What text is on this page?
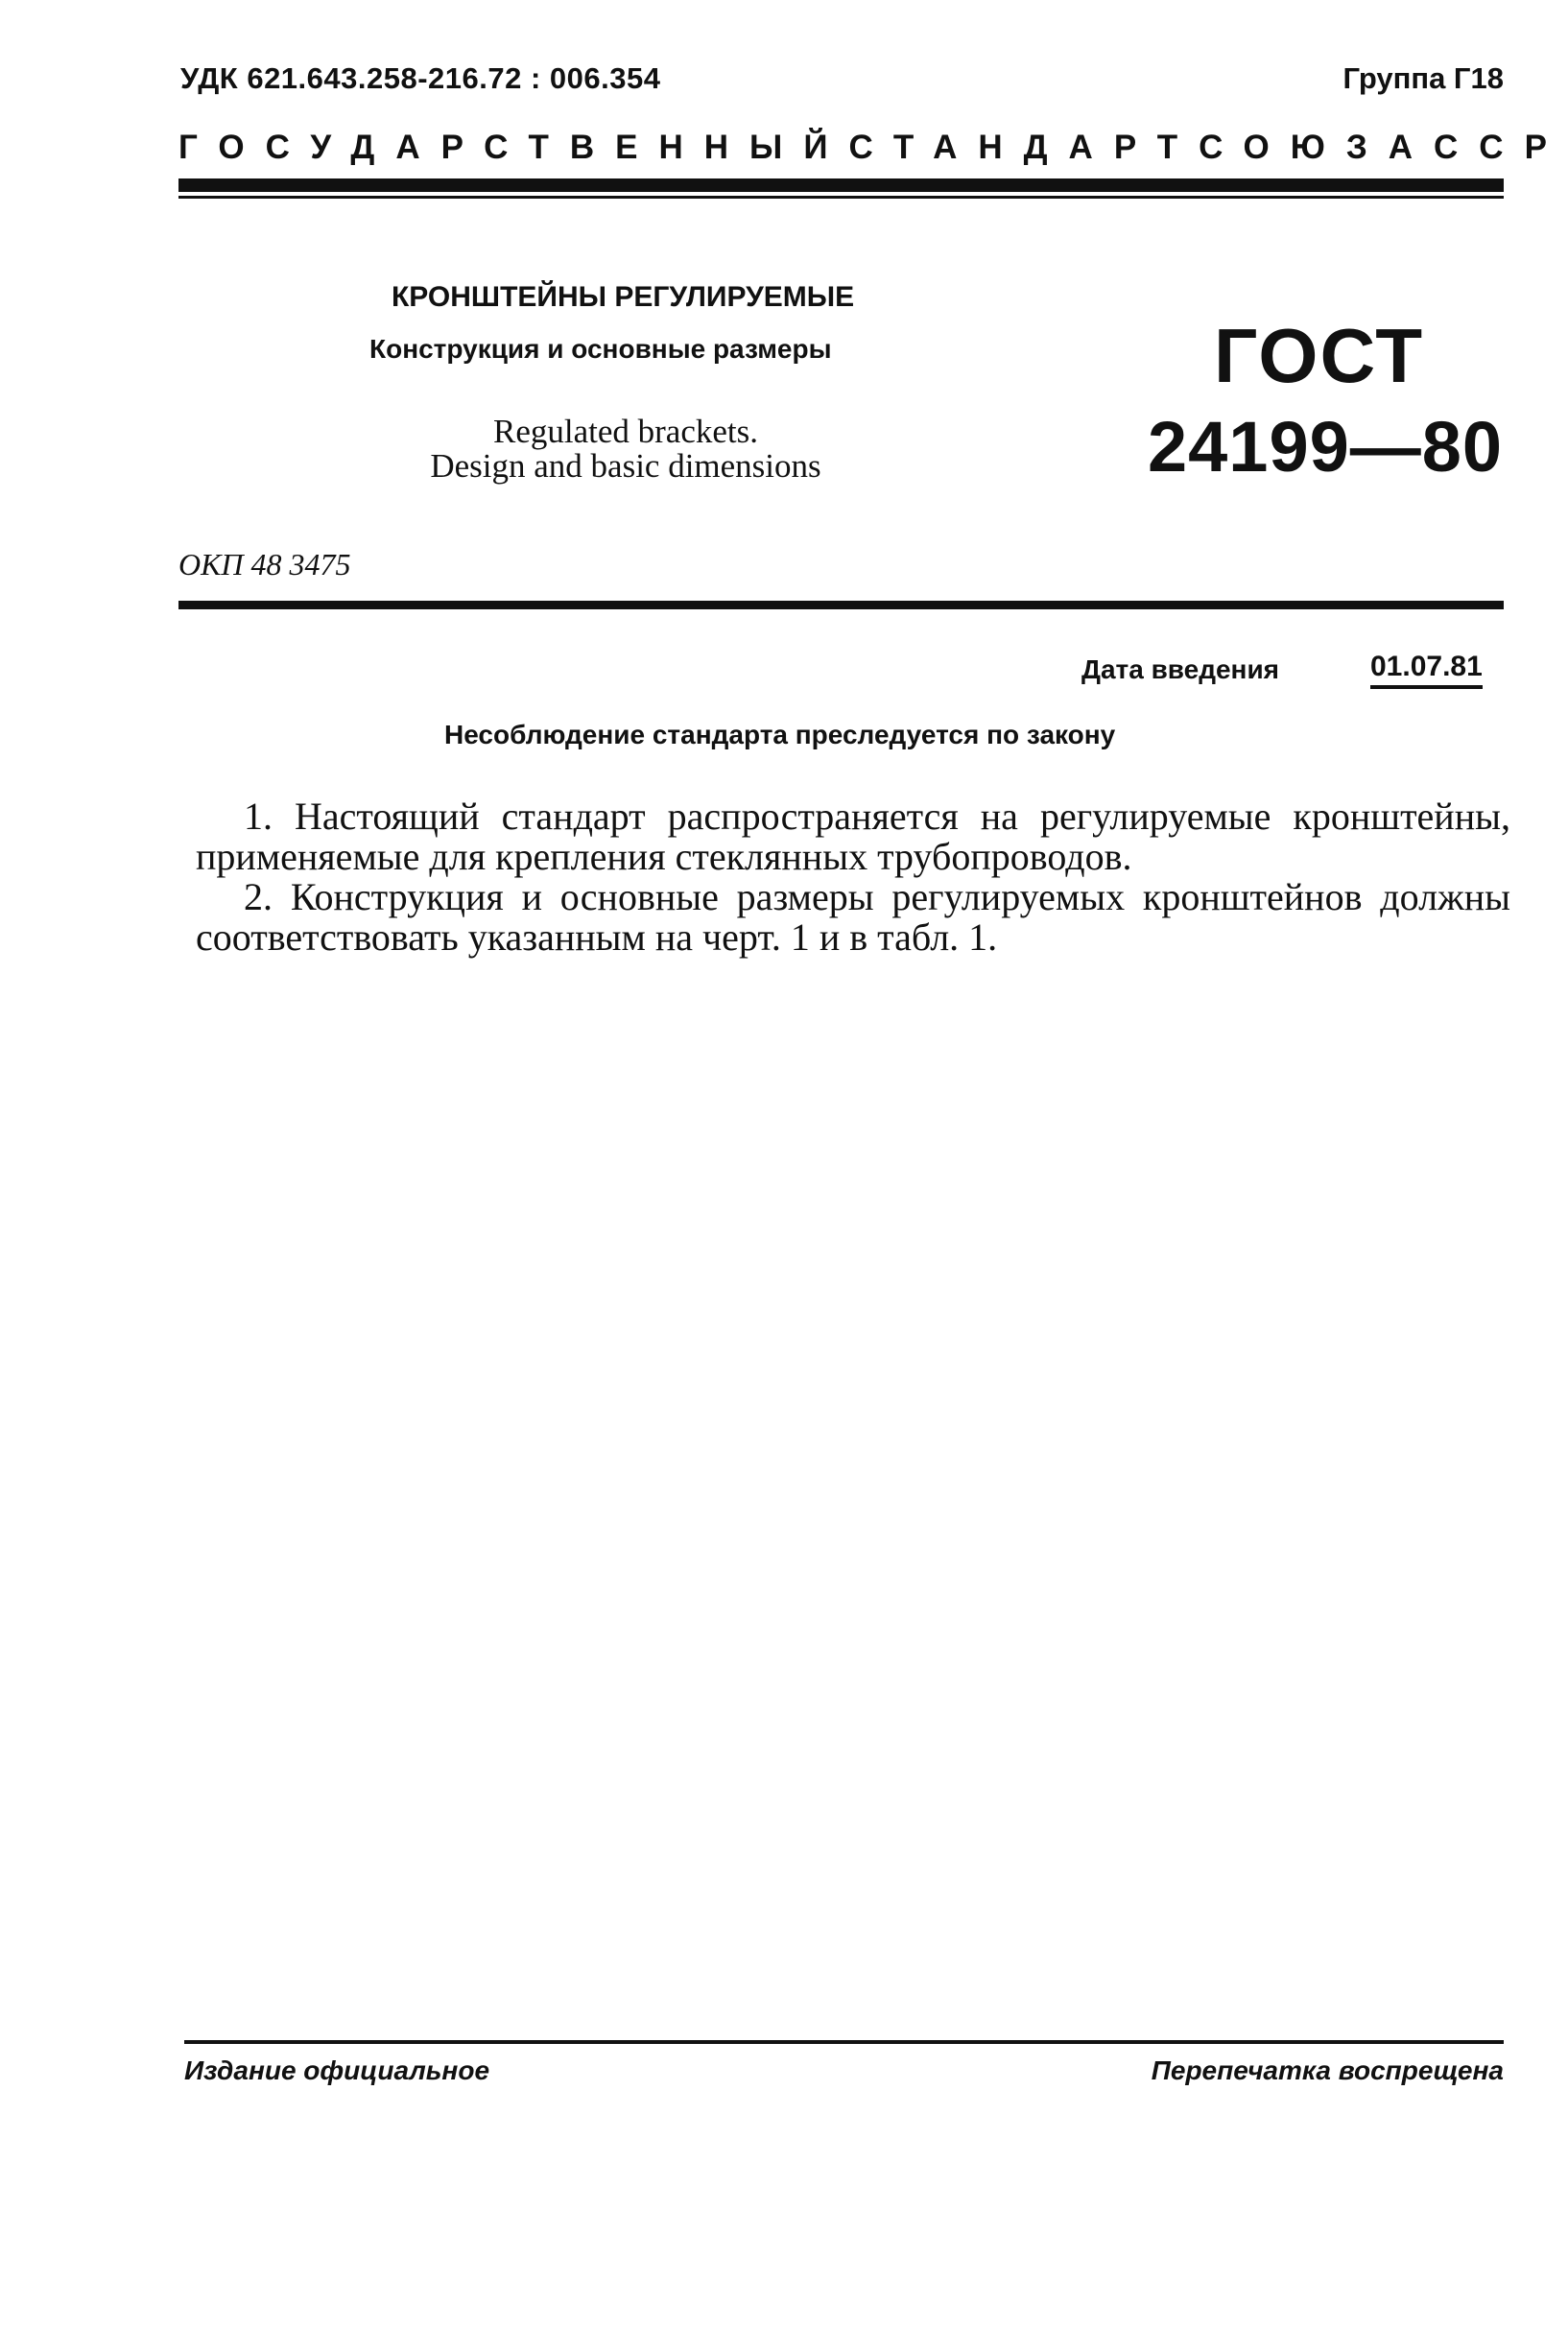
УДК 621.643.258-216.72 : 006.354	Группа Г18
ГОСУДАРСТВЕННЫЙ СТАНДАРТ СОЮЗА ССР
КРОНШТЕЙНЫ РЕГУЛИРУЕМЫЕ
Конструкция и основные размеры
Regulated brackets.
Design and basic dimensions
ГОСТ
24199—80
ОКП 48 3475
Дата введения	01.07.81
Несоблюдение стандарта преследуется по закону

1. Настоящий стандарт распространяется на регулируемые кронштейны, применяемые для крепления стеклянных трубопроводов.

2. Конструкция и основные размеры регулируемых кронштейнов должны соответствовать указанным на черт. 1 и в табл. 1.

Издание официальное	Перепечатка воспрещена
